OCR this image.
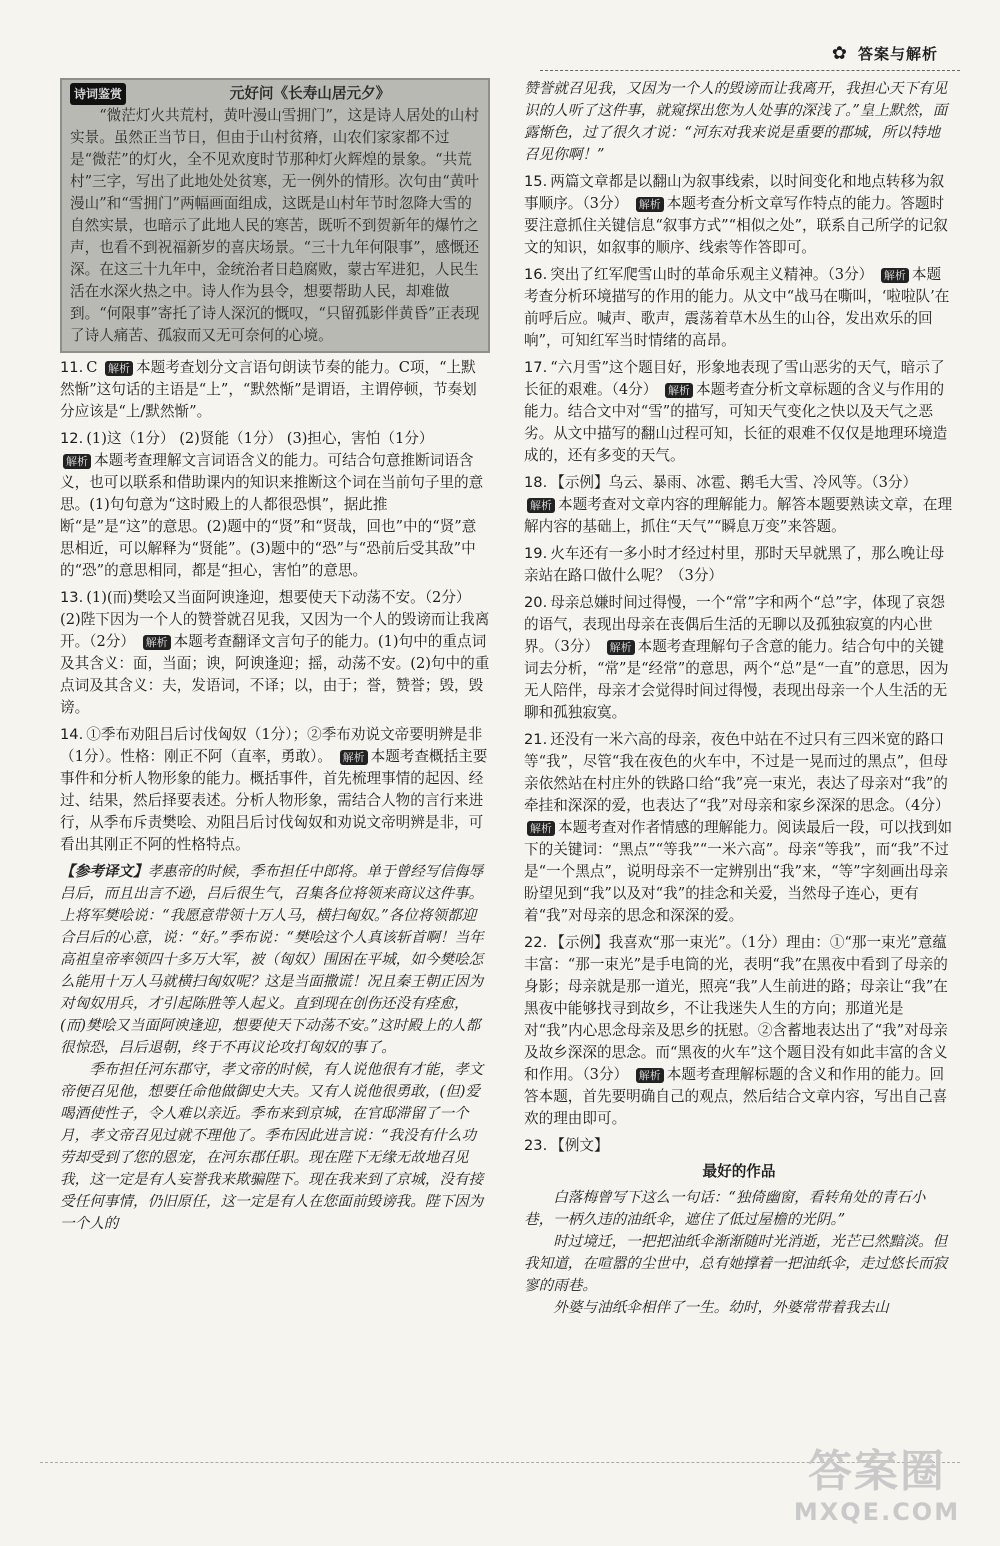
✿ 答案与解析
诗词鉴赏	元好问《长寿山居元夕》
“微茫灯火共荒村，黄叶漫山雪拥门”，这是诗人居处的山村实景。虽然正当节日，但由于山村贫瘠，山农们家家都不过是“微茫”的灯火，全不见欢度时节那种灯火辉煌的景象。“共荒村”三字，写出了此地处处贫寒，无一例外的情形。次句由“黄叶漫山”和“雪拥门”两幅画面组成，这既是山村年节时忽降大雪的自然实景，也暗示了此地人民的寒苦，既听不到贺新年的爆竹之声，也看不到祝福新岁的喜庆场景。“三十九年何限事”，感慨还深。在这三十九年中，金统治者日趋腐败，蒙古军进犯，人民生活在水深火热之中。诗人作为县令，想要帮助人民，却难做到。“何限事”寄托了诗人深沉的慨叹，“只留孤影伴黄昏”正表现了诗人痛苦、孤寂而又无可奈何的心境。
11. C 解析 本题考查划分文言语句朗读节奏的能力。C项，“上默然惭”这句话的主语是“上”，“默然惭”是谓语，主谓停顿，节奏划分应该是“上/默然惭”。
12. (1)这（1分） (2)贤能（1分） (3)担心，害怕（1分）
解析 本题考查理解文言词语含义的能力。可结合句意推断词语含义，也可以联系和借助课内的知识来推断这个词在当前句子里的意思。(1)句句意为“这时殿上的人都很恐惧”，据此推断“是”是“这”的意思。(2)题中的“贤”和“贤哉，回也”中的“贤”意思相近，可以解释为“贤能”。(3)题中的“恐”与“恐前后受其敌”中的“恐”的意思相同，都是“担心，害怕”的意思。
13. (1)(而)樊哙又当面阿谀逢迎，想要使天下动荡不安。（2分） (2)陛下因为一个人的赞誉就召见我，又因为一个人的毁谤而让我离开。（2分） 解析 本题考查翻译文言句子的能力。(1)句中的重点词及其含义：面，当面；谀，阿谀逢迎；摇，动荡不安。(2)句中的重点词及其含义：夫，发语词，不译；以，由于；誉，赞誉；毁，毁谤。
14. ①季布劝阻吕后讨伐匈奴（1分）；②季布劝说文帝要明辨是非（1分）。性格：刚正不阿（直率，勇敢）。 解析 本题考查概括主要事件和分析人物形象的能力。概括事件，首先梳理事情的起因、经过、结果，然后择要表述。分析人物形象，需结合人物的言行来进行，从季布斥责樊哙、劝阻吕后讨伐匈奴和劝说文帝明辨是非，可看出其刚正不阿的性格特点。
【参考译文】孝惠帝的时候，季布担任中郎将。单于曾经写信侮辱吕后，而且出言不逊，吕后很生气，召集各位将领来商议这件事。上将军樊哙说：“我愿意带领十万人马，横扫匈奴。”各位将领都迎合吕后的心意，说：“好。”季布说：“樊哙这个人真该斩首啊！当年高祖皇帝率领四十多万大军，被（匈奴）围困在平城，如今樊哙怎么能用十万人马就横扫匈奴呢？这是当面撒谎！况且秦王朝正因为对匈奴用兵，才引起陈胜等人起义。直到现在创伤还没有痊愈，(而)樊哙又当面阿谀逢迎，想要使天下动荡不安。”这时殿上的人都很惊恐，吕后退朝，终于不再议论攻打匈奴的事了。
季布担任河东郡守，孝文帝的时候，有人说他很有才能，孝文帝便召见他，想要任命他做御史大夫。又有人说他很勇敢，(但)爱喝酒使性子，令人难以亲近。季布来到京城，在官邸滞留了一个月，孝文帝召见过就不理他了。季布因此进言说：“我没有什么功劳却受到了您的恩宠，在河东郡任职。现在陛下无缘无故地召见我，这一定是有人妄誉我来欺骗陛下。现在我来到了京城，没有接受任何事情，仍旧原任，这一定是有人在您面前毁谤我。陛下因为一个人的
赞誉就召见我，又因为一个人的毁谤而让我离开，我担心天下有见识的人听了这件事，就窥探出您为人处事的深浅了。”皇上默然，面露惭色，过了很久才说：“河东对我来说是重要的郡城，所以特地召见你啊！”
15. 两篇文章都是以翻山为叙事线索，以时间变化和地点转移为叙事顺序。（3分） 解析 本题考查分析文章写作特点的能力。答题时要注意抓住关键信息“叙事方式”“相似之处”，联系自己所学的记叙文的知识，如叙事的顺序、线索等作答即可。
16. 突出了红军爬雪山时的革命乐观主义精神。（3分） 解析 本题考查分析环境描写的作用的能力。从文中“战马在嘶叫，‘啦啦队’在前呼后应。喊声、歌声，震荡着草木丛生的山谷，发出欢乐的回响”，可知红军当时情绪的高昂。
17. “六月雪”这个题目好，形象地表现了雪山恶劣的天气，暗示了长征的艰难。（4分） 解析 本题考查分析文章标题的含义与作用的能力。结合文中对“雪”的描写，可知天气变化之快以及天气之恶劣。从文中描写的翻山过程可知，长征的艰难不仅仅是地理环境造成的，还有多变的天气。
18. 【示例】乌云、暴雨、冰雹、鹅毛大雪、冷风等。（3分）
解析 本题考查对文章内容的理解能力。解答本题要熟读文章，在理解内容的基础上，抓住“天气”“瞬息万变”来答题。
19. 火车还有一多小时才经过村里，那时天早就黑了，那么晚让母亲站在路口做什么呢？（3分）
20. 母亲总嫌时间过得慢，一个“常”字和两个“总”字，体现了哀怨的语气，表现出母亲在丧偶后生活的无聊以及孤独寂寞的内心世界。（3分） 解析 本题考查理解句子含意的能力。结合句中的关键词去分析，“常”是“经常”的意思，两个“总”是“一直”的意思，因为无人陪伴，母亲才会觉得时间过得慢，表现出母亲一个人生活的无聊和孤独寂寞。
21. 还没有一米六高的母亲，夜色中站在不过只有三四米宽的路口等“我”，尽管“我在夜色的火车中，不过是一晃而过的黑点”，但母亲依然站在村庄外的铁路口给“我”亮一束光，表达了母亲对“我”的牵挂和深深的爱，也表达了“我”对母亲和家乡深深的思念。（4分） 解析 本题考查对作者情感的理解能力。阅读最后一段，可以找到如下的关键词：“黑点”“等我”“一米六高”。母亲“等我”，而“我”不过是“一个黑点”，说明母亲不一定辨别出“我”来，“等”字刻画出母亲盼望见到“我”以及对“我”的挂念和关爱，当然母子连心，更有着“我”对母亲的思念和深深的爱。
22. 【示例】我喜欢“那一束光”。（1分）理由：①“那一束光”意蕴丰富：“那一束光”是手电筒的光，表明“我”在黑夜中看到了母亲的身影；母亲就是那一道光，照亮“我”人生前进的路；母亲让“我”在黑夜中能够找寻到故乡，不让我迷失人生的方向；那道光是对“我”内心思念母亲及思乡的抚慰。②含蓄地表达出了“我”对母亲及故乡深深的思念。而“黑夜的火车”这个题目没有如此丰富的含义和作用。（3分） 解析 本题考查理解标题的含义和作用的能力。回答本题，首先要明确自己的观点，然后结合文章内容，写出自己喜欢的理由即可。
23. 【例文】
最好的作品
白落梅曾写下这么一句话：“独倚幽窗，看转角处的青石小巷，一柄久违的油纸伞，遮住了低过屋檐的光阴。”
时过境迁，一把把油纸伞渐渐随时光消逝，光芒已然黯淡。但我知道，在喧嚣的尘世中，总有她撑着一把油纸伞，走过悠长而寂寥的雨巷。
外婆与油纸伞相伴了一生。幼时，外婆常带着我去山
答案圈
MXQE.COM
